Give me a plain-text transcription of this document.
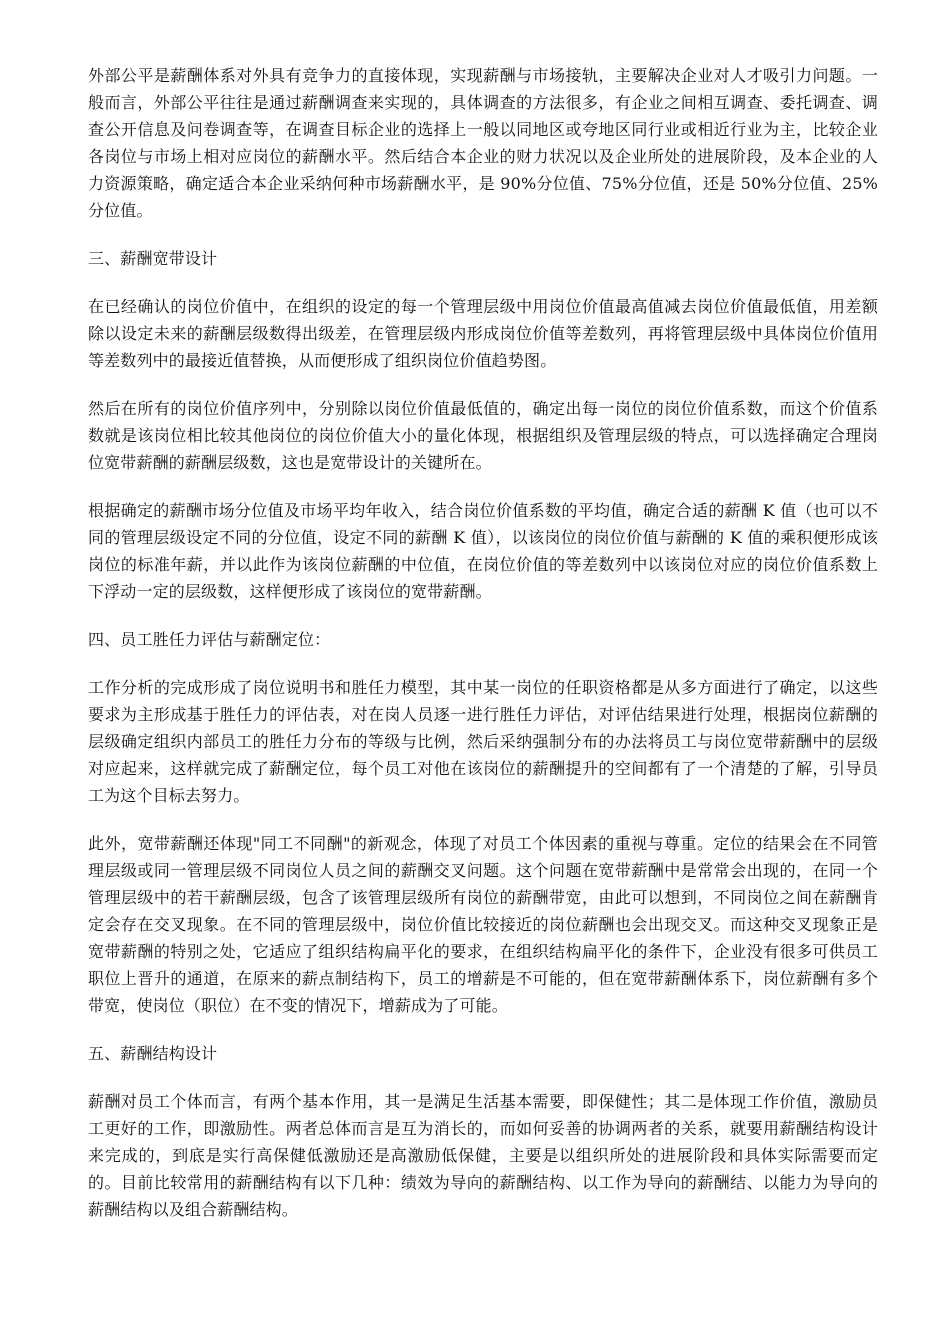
外部公平是薪酬体系对外具有竞争力的直接体现，实现薪酬与市场接轨，主要解决企业对人才吸引力问题。一般而言，外部公平往往是通过薪酬调查来实现的，具体调查的方法很多，有企业之间相互调查、委托调查、调查公开信息及问卷调查等，在调查目标企业的选择上一般以同地区或夸地区同行业或相近行业为主，比较企业各岗位与市场上相对应岗位的薪酬水平。然后结合本企业的财力状况以及企业所处的进展阶段，及本企业的人力资源策略，确定适合本企业采纳何种市场薪酬水平，是 90%分位值、75%分位值，还是 50%分位值、25%分位值。

三、薪酬宽带设计

在已经确认的岗位价值中，在组织的设定的每一个管理层级中用岗位价值最高值减去岗位价值最低值，用差额除以设定未来的薪酬层级数得出级差，在管理层级内形成岗位价值等差数列，再将管理层级中具体岗位价值用等差数列中的最接近值替换，从而便形成了组织岗位价值趋势图。

然后在所有的岗位价值序列中，分别除以岗位价值最低值的，确定出每一岗位的岗位价值系数，而这个价值系数就是该岗位相比较其他岗位的岗位价值大小的量化体现，根据组织及管理层级的特点，可以选择确定合理岗位宽带薪酬的薪酬层级数，这也是宽带设计的关键所在。

根据确定的薪酬市场分位值及市场平均年收入，结合岗位价值系数的平均值，确定合适的薪酬 K 值（也可以不同的管理层级设定不同的分位值，设定不同的薪酬 K 值），以该岗位的岗位价值与薪酬的 K 值的乘积便形成该岗位的标准年薪，并以此作为该岗位薪酬的中位值，在岗位价值的等差数列中以该岗位对应的岗位价值系数上下浮动一定的层级数，这样便形成了该岗位的宽带薪酬。

四、员工胜任力评估与薪酬定位：

工作分析的完成形成了岗位说明书和胜任力模型，其中某一岗位的任职资格都是从多方面进行了确定，以这些要求为主形成基于胜任力的评估表，对在岗人员逐一进行胜任力评估，对评估结果进行处理，根据岗位薪酬的层级确定组织内部员工的胜任力分布的等级与比例，然后采纳强制分布的办法将员工与岗位宽带薪酬中的层级对应起来，这样就完成了薪酬定位，每个员工对他在该岗位的薪酬提升的空间都有了一个清楚的了解，引导员工为这个目标去努力。

此外，宽带薪酬还体现"同工不同酬"的新观念，体现了对员工个体因素的重视与尊重。定位的结果会在不同管理层级或同一管理层级不同岗位人员之间的薪酬交叉问题。这个问题在宽带薪酬中是常常会出现的，在同一个管理层级中的若干薪酬层级，包含了该管理层级所有岗位的薪酬带宽，由此可以想到，不同岗位之间在薪酬肯定会存在交叉现象。在不同的管理层级中，岗位价值比较接近的岗位薪酬也会出现交叉。而这种交叉现象正是宽带薪酬的特别之处，它适应了组织结构扁平化的要求，在组织结构扁平化的条件下，企业没有很多可供员工职位上晋升的通道，在原来的薪点制结构下，员工的增薪是不可能的，但在宽带薪酬体系下，岗位薪酬有多个带宽，使岗位（职位）在不变的情况下，增薪成为了可能。

五、薪酬结构设计

薪酬对员工个体而言，有两个基本作用，其一是满足生活基本需要，即保健性；其二是体现工作价值，激励员工更好的工作，即激励性。两者总体而言是互为消长的，而如何妥善的协调两者的关系，就要用薪酬结构设计来完成的，到底是实行高保健低激励还是高激励低保健，主要是以组织所处的进展阶段和具体实际需要而定的。目前比较常用的薪酬结构有以下几种：绩效为导向的薪酬结构、以工作为导向的薪酬结、以能力为导向的薪酬结构以及组合薪酬结构。
